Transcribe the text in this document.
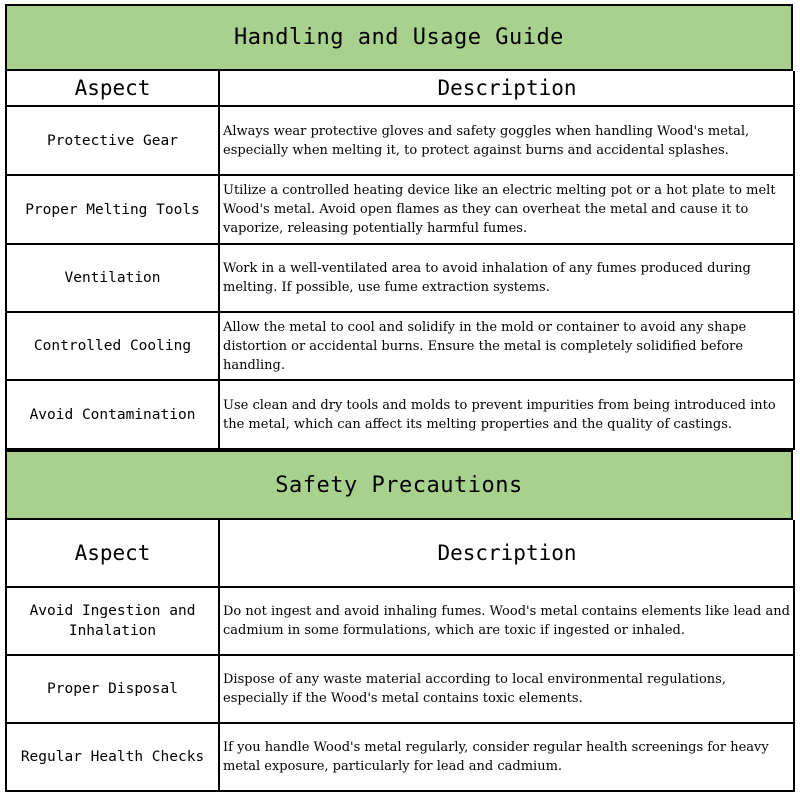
Handling and Usage Guide
Aspect	Description
Protective Gear
Always wear protective gloves and safety goggles when handling Wood's metal, especially when melting it, to protect against burns and accidental splashes.
Proper Melting Tools
Utilize a controlled heating device like an electric melting pot or a hot plate to melt Wood's metal. Avoid open flames as they can overheat the metal and cause it to vaporize, releasing potentially harmful fumes.
Ventilation
Work in a well-ventilated area to avoid inhalation of any fumes produced during melting. If possible, use fume extraction systems.
Controlled Cooling
Allow the metal to cool and solidify in the mold or container to avoid any shape distortion or accidental burns. Ensure the metal is completely solidified before handling.
Avoid Contamination
Use clean and dry tools and molds to prevent impurities from being introduced into the metal, which can affect its melting properties and the quality of castings.
Safety Precautions
Aspect	Description
Avoid Ingestion and Inhalation
Do not ingest and avoid inhaling fumes. Wood's metal contains elements like lead and cadmium in some formulations, which are toxic if ingested or inhaled.
Proper Disposal
Dispose of any waste material according to local environmental regulations, especially if the Wood's metal contains toxic elements.
Regular Health Checks
If you handle Wood's metal regularly, consider regular health screenings for heavy metal exposure, particularly for lead and cadmium.
